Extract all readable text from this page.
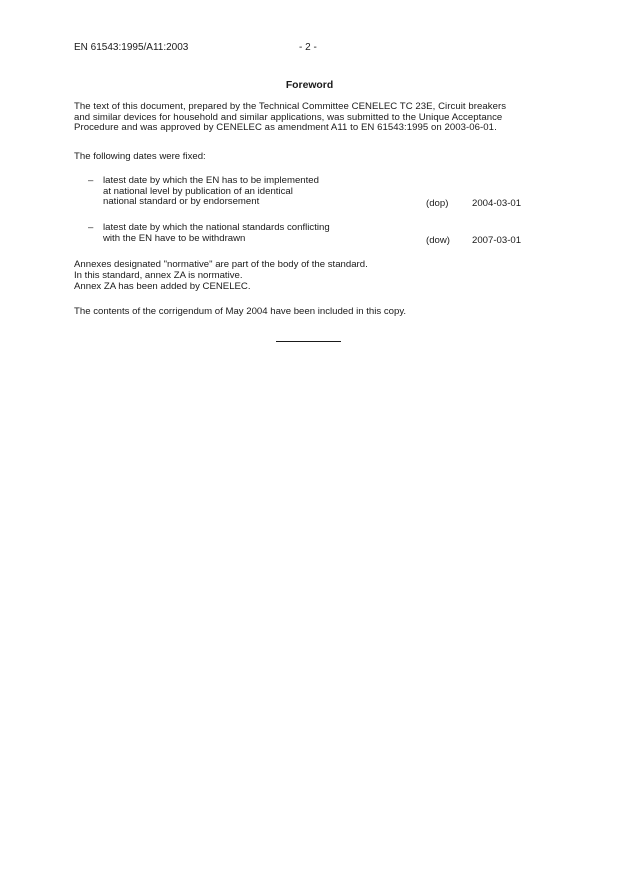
EN 61543:1995/A11:2003	- 2 -
Foreword
The text of this document, prepared by the Technical Committee CENELEC TC 23E, Circuit breakers
and similar devices for household and similar applications, was submitted to the Unique Acceptance
Procedure and was approved by CENELEC as amendment A11 to EN 61543:1995 on 2003-06-01.
The following dates were fixed:
– latest date by which the EN has to be implemented
at national level by publication of an identical
national standard or by endorsement	(dop) 2004-03-01
– latest date by which the national standards conflicting
with the EN have to be withdrawn	(dow) 2007-03-01
Annexes designated "normative" are part of the body of the standard.
In this standard, annex ZA is normative.
Annex ZA has been added by CENELEC.
The contents of the corrigendum of May 2004 have been included in this copy.
